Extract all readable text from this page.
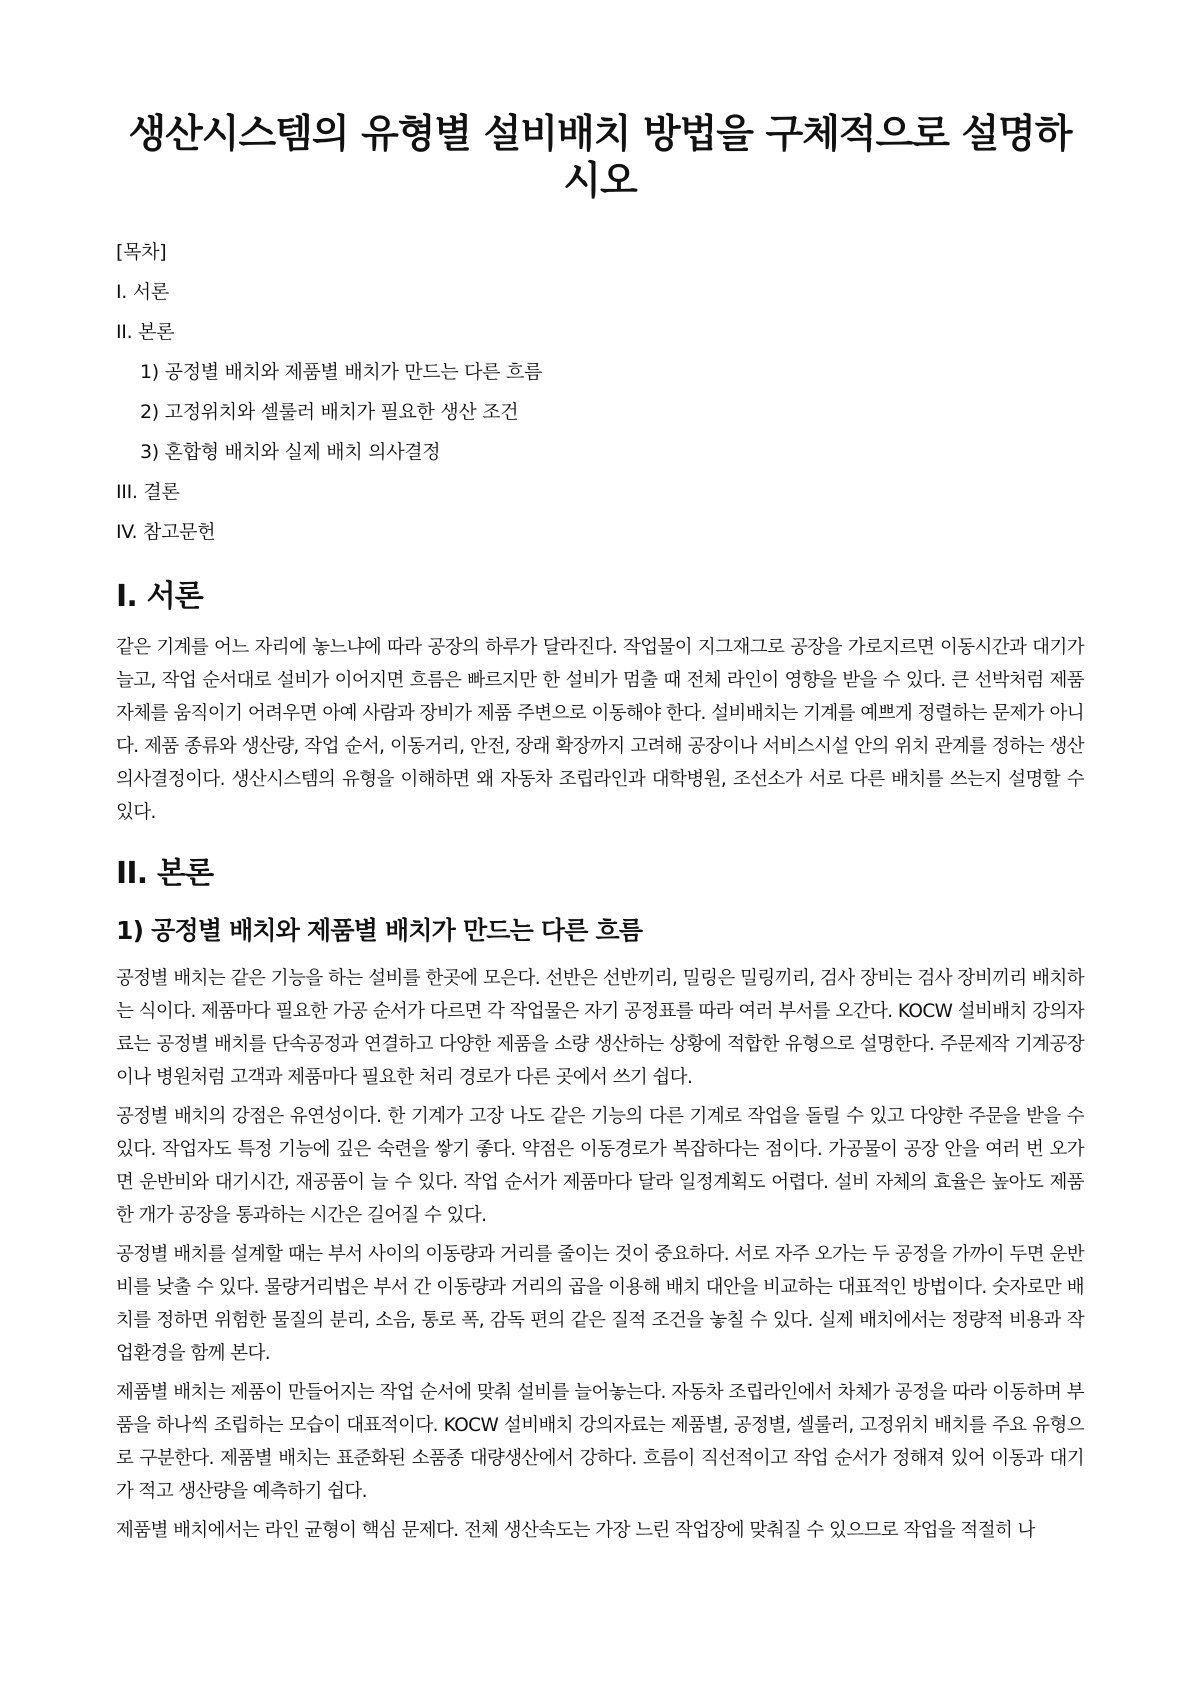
생산시스템의 유형별 설비배치 방법을 구체적으로 설명하시오

[목차]

I. 서론

II. 본론

1) 공정별 배치와 제품별 배치가 만드는 다른 흐름

2) 고정위치와 셀룰러 배치가 필요한 생산 조건

3) 혼합형 배치와 실제 배치 의사결정

III. 결론

IV. 참고문헌

I. 서론

같은 기계를 어느 자리에 놓느냐에 따라 공장의 하루가 달라진다. 작업물이 지그재그로 공장을 가로지르면 이동시간과 대기가 늘고, 작업 순서대로 설비가 이어지면 흐름은 빠르지만 한 설비가 멈출 때 전체 라인이 영향을 받을 수 있다. 큰 선박처럼 제품 자체를 움직이기 어려우면 아예 사람과 장비가 제품 주변으로 이동해야 한다. 설비배치는 기계를 예쁘게 정렬하는 문제가 아니다. 제품 종류와 생산량, 작업 순서, 이동거리, 안전, 장래 확장까지 고려해 공장이나 서비스시설 안의 위치 관계를 정하는 생산 의사결정이다. 생산시스템의 유형을 이해하면 왜 자동차 조립라인과 대학병원, 조선소가 서로 다른 배치를 쓰는지 설명할 수 있다.

II. 본론
1) 공정별 배치와 제품별 배치가 만드는 다른 흐름

공정별 배치는 같은 기능을 하는 설비를 한곳에 모은다. 선반은 선반끼리, 밀링은 밀링끼리, 검사 장비는 검사 장비끼리 배치하는 식이다. 제품마다 필요한 가공 순서가 다르면 각 작업물은 자기 공정표를 따라 여러 부서를 오간다. KOCW 설비배치 강의자료는 공정별 배치를 단속공정과 연결하고 다양한 제품을 소량 생산하는 상황에 적합한 유형으로 설명한다. 주문제작 기계공장이나 병원처럼 고객과 제품마다 필요한 처리 경로가 다른 곳에서 쓰기 쉽다.

공정별 배치의 강점은 유연성이다. 한 기계가 고장 나도 같은 기능의 다른 기계로 작업을 돌릴 수 있고 다양한 주문을 받을 수 있다. 작업자도 특정 기능에 깊은 숙련을 쌓기 좋다. 약점은 이동경로가 복잡하다는 점이다. 가공물이 공장 안을 여러 번 오가면 운반비와 대기시간, 재공품이 늘 수 있다. 작업 순서가 제품마다 달라 일정계획도 어렵다. 설비 자체의 효율은 높아도 제품 한 개가 공장을 통과하는 시간은 길어질 수 있다.

공정별 배치를 설계할 때는 부서 사이의 이동량과 거리를 줄이는 것이 중요하다. 서로 자주 오가는 두 공정을 가까이 두면 운반비를 낮출 수 있다. 물량거리법은 부서 간 이동량과 거리의 곱을 이용해 배치 대안을 비교하는 대표적인 방법이다. 숫자로만 배치를 정하면 위험한 물질의 분리, 소음, 통로 폭, 감독 편의 같은 질적 조건을 놓칠 수 있다. 실제 배치에서는 정량적 비용과 작업환경을 함께 본다.

제품별 배치는 제품이 만들어지는 작업 순서에 맞춰 설비를 늘어놓는다. 자동차 조립라인에서 차체가 공정을 따라 이동하며 부품을 하나씩 조립하는 모습이 대표적이다. KOCW 설비배치 강의자료는 제품별, 공정별, 셀룰러, 고정위치 배치를 주요 유형으로 구분한다. 제품별 배치는 표준화된 소품종 대량생산에서 강하다. 흐름이 직선적이고 작업 순서가 정해져 있어 이동과 대기가 적고 생산량을 예측하기 쉽다.

제품별 배치에서는 라인 균형이 핵심 문제다. 전체 생산속도는 가장 느린 작업장에 맞춰질 수 있으므로 작업을 적절히 나
